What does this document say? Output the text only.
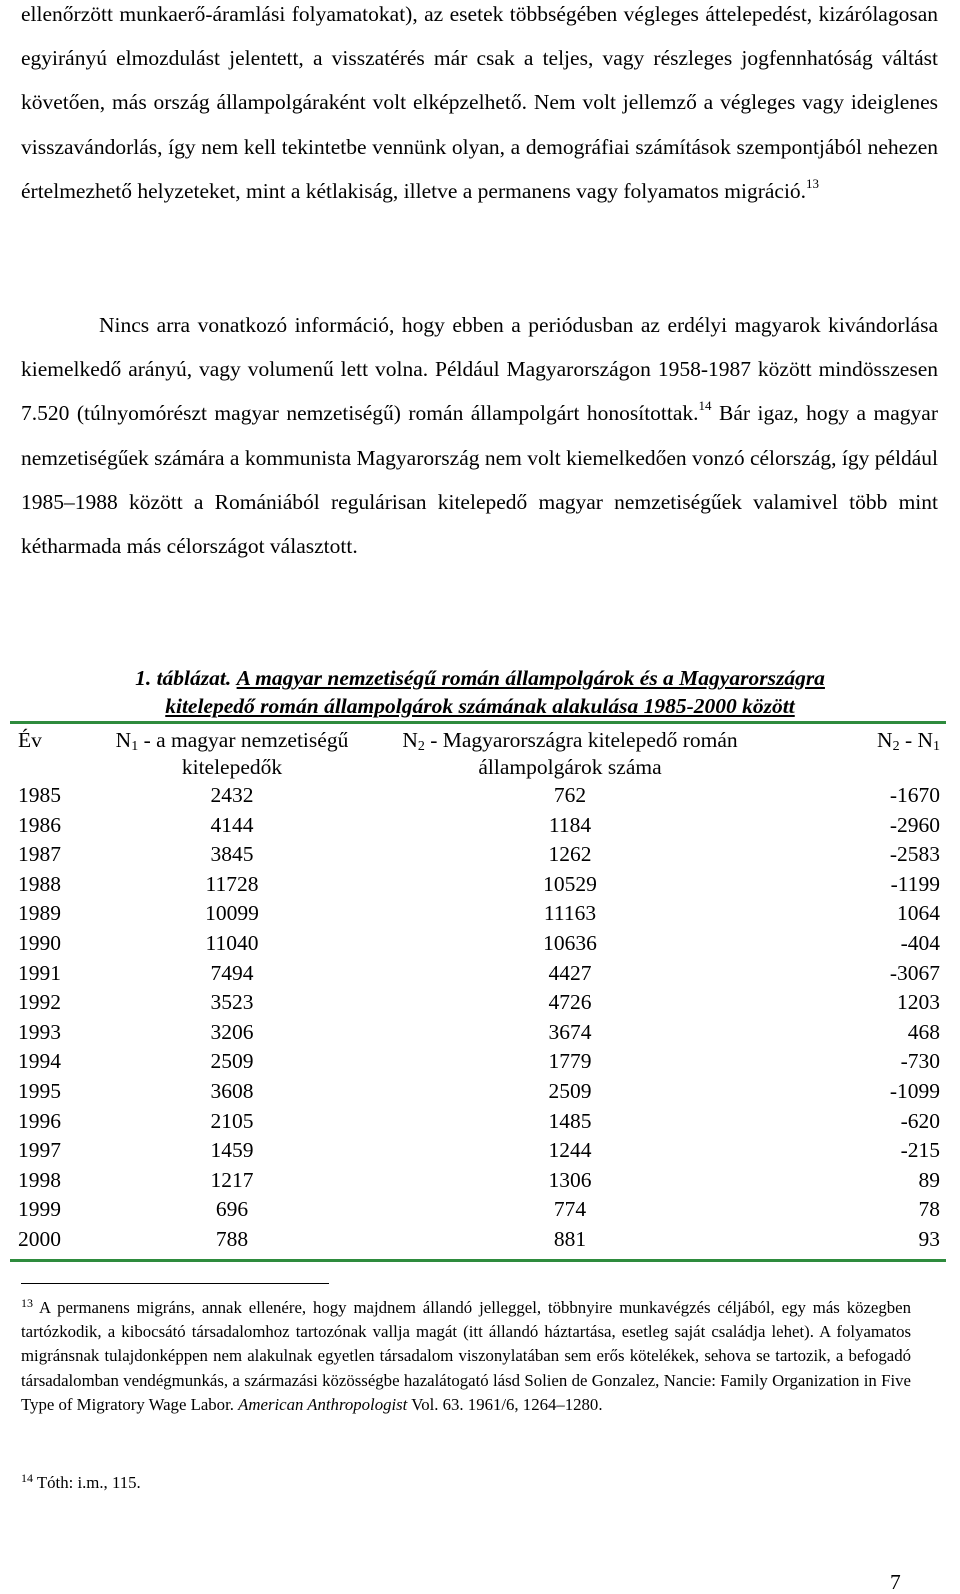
ellenőrzött munkaerő-áramlási folyamatokat), az esetek többségében végleges áttelepedést, kizárólagosan egyirányú elmozdulást jelentett, a visszatérés már csak a teljes, vagy részleges jogfennhatóság váltást követően, más ország állampolgáraként volt elképzelhető. Nem volt jellemző a végleges vagy ideiglenes visszavándorlás, így nem kell tekintetbe vennünk olyan, a demográfiai számítások szempontjából nehezen értelmezhető helyzeteket, mint a kétlakiság, illetve a permanens vagy folyamatos migráció.$^{13}$

Nincs arra vonatkozó információ, hogy ebben a periódusban az erdélyi magyarok kivándorlása kiemelkedő arányú, vagy volumenű lett volna. Például Magyarországon 1958-1987 között mindösszesen 7.520 (túlnyomórészt magyar nemzetiségű) román állampolgárt honosítottak.$^{14}$ Bár igaz, hogy a magyar nemzetiségűek számára a kommunista Magyarország nem volt kiemelkedően vonzó célország, így például 1985–1988 között a Romániából regulárisan kitelepedő magyar nemzetiségűek valamivel több mint kétharmada más célországot választott.

1. táblázat. A magyar nemzetiségű román állampolgárok és a Magyarországra
kitelepedő román állampolgárok számának alakulása 1985-2000 között
Év	$N_1$ - a magyar nemzetiségű kitelepedők	$N_2$ - Magyarországra kitelepedő román állampolgárok száma	$N_2 - N_1$
1985	2432	762	-1670
1986	4144	1184	-2960
1987	3845	1262	-2583
1988	11728	10529	-1199
1989	10099	11163	1064
1990	11040	10636	-404
1991	7494	4427	-3067
1992	3523	4726	1203
1993	3206	3674	468
1994	2509	1779	-730
1995	3608	2509	-1099
1996	2105	1485	-620
1997	1459	1244	-215
1998	1217	1306	89
1999	696	774	78
2000	788	881	93

$^{13}$ A permanens migráns, annak ellenére, hogy majdnem állandó jelleggel, többnyire munkavégzés céljából, egy más közegben tartózkodik, a kibocsátó társadalomhoz tartozónak vallja magát (itt állandó háztartása, esetleg saját családja lehet). A folyamatos migránsnak tulajdonképpen nem alakulnak egyetlen társadalom viszonylatában sem erős kötelékek, sehova se tartozik, a befogadó társadalomban vendégmunkás, a származási közösségbe hazalátogató lásd Solien de Gonzalez, Nancie: Family Organization in Five Type of Migratory Wage Labor. American Anthropologist Vol. 63. 1961/6, 1264–1280.

$^{14}$ Tóth: i.m., 115.

7
